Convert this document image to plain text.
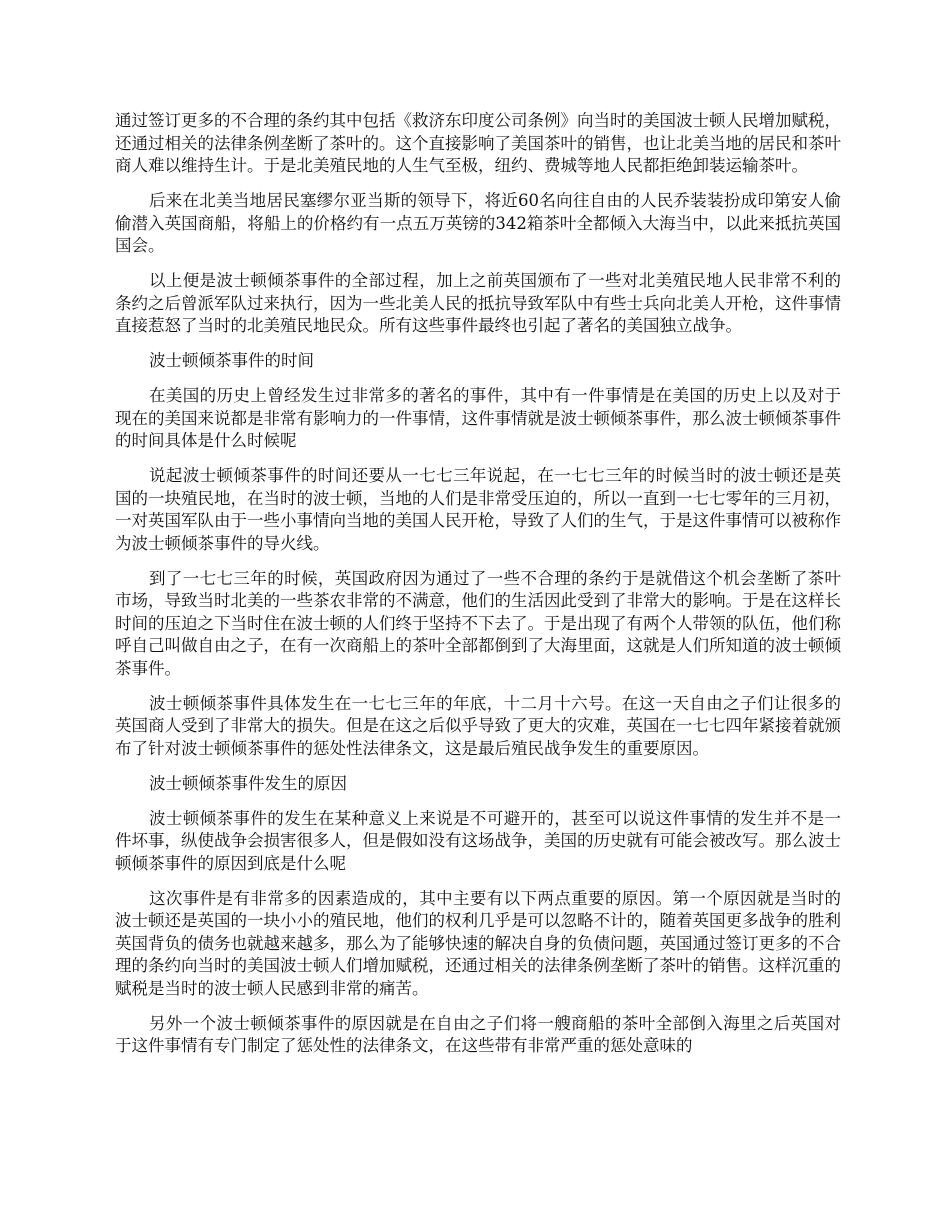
通过签订更多的不合理的条约其中包括《救济东印度公司条例》向当时的美国波士顿人民增加赋税，还通过相关的法律条例垄断了茶叶的。这个直接影响了美国茶叶的销售，也让北美当地的居民和茶叶商人难以维持生计。于是北美殖民地的人生气至极，纽约、费城等地人民都拒绝卸装运输茶叶。

后来在北美当地居民塞缪尔亚当斯的领导下，将近60名向往自由的人民乔装装扮成印第安人偷偷潜入英国商船，将船上的价格约有一点五万英镑的342箱茶叶全都倾入大海当中，以此来抵抗英国国会。

以上便是波士顿倾茶事件的全部过程，加上之前英国颁布了一些对北美殖民地人民非常不利的条约之后曾派军队过来执行，因为一些北美人民的抵抗导致军队中有些士兵向北美人开枪，这件事情直接惹怒了当时的北美殖民地民众。所有这些事件最终也引起了著名的美国独立战争。

波士顿倾茶事件的时间

在美国的历史上曾经发生过非常多的著名的事件，其中有一件事情是在美国的历史上以及对于现在的美国来说都是非常有影响力的一件事情，这件事情就是波士顿倾茶事件，那么波士顿倾茶事件的时间具体是什么时候呢

说起波士顿倾茶事件的时间还要从一七七三年说起，在一七七三年的时候当时的波士顿还是英国的一块殖民地，在当时的波士顿，当地的人们是非常受压迫的，所以一直到一七七零年的三月初，一对英国军队由于一些小事情向当地的美国人民开枪，导致了人们的生气，于是这件事情可以被称作为波士顿倾茶事件的导火线。

到了一七七三年的时候，英国政府因为通过了一些不合理的条约于是就借这个机会垄断了茶叶市场，导致当时北美的一些茶农非常的不满意，他们的生活因此受到了非常大的影响。于是在这样长时间的压迫之下当时住在波士顿的人们终于坚持不下去了。于是出现了有两个人带领的队伍，他们称呼自己叫做自由之子，在有一次商船上的茶叶全部都倒到了大海里面，这就是人们所知道的波士顿倾茶事件。

波士顿倾茶事件具体发生在一七七三年的年底，十二月十六号。在这一天自由之子们让很多的英国商人受到了非常大的损失。但是在这之后似乎导致了更大的灾难，英国在一七七四年紧接着就颁布了针对波士顿倾茶事件的惩处性法律条文，这是最后殖民战争发生的重要原因。

波士顿倾茶事件发生的原因

波士顿倾茶事件的发生在某种意义上来说是不可避开的，甚至可以说这件事情的发生并不是一件坏事，纵使战争会损害很多人，但是假如没有这场战争，美国的历史就有可能会被改写。那么波士顿倾茶事件的原因到底是什么呢

这次事件是有非常多的因素造成的，其中主要有以下两点重要的原因。第一个原因就是当时的波士顿还是英国的一块小小的殖民地，他们的权利几乎是可以忽略不计的，随着英国更多战争的胜利英国背负的债务也就越来越多，那么为了能够快速的解决自身的负债问题，英国通过签订更多的不合理的条约向当时的美国波士顿人们增加赋税，还通过相关的法律条例垄断了茶叶的销售。这样沉重的赋税是当时的波士顿人民感到非常的痛苦。

另外一个波士顿倾茶事件的原因就是在自由之子们将一艘商船的茶叶全部倒入海里之后英国对于这件事情有专门制定了惩处性的法律条文，在这些带有非常严重的惩处意味的
